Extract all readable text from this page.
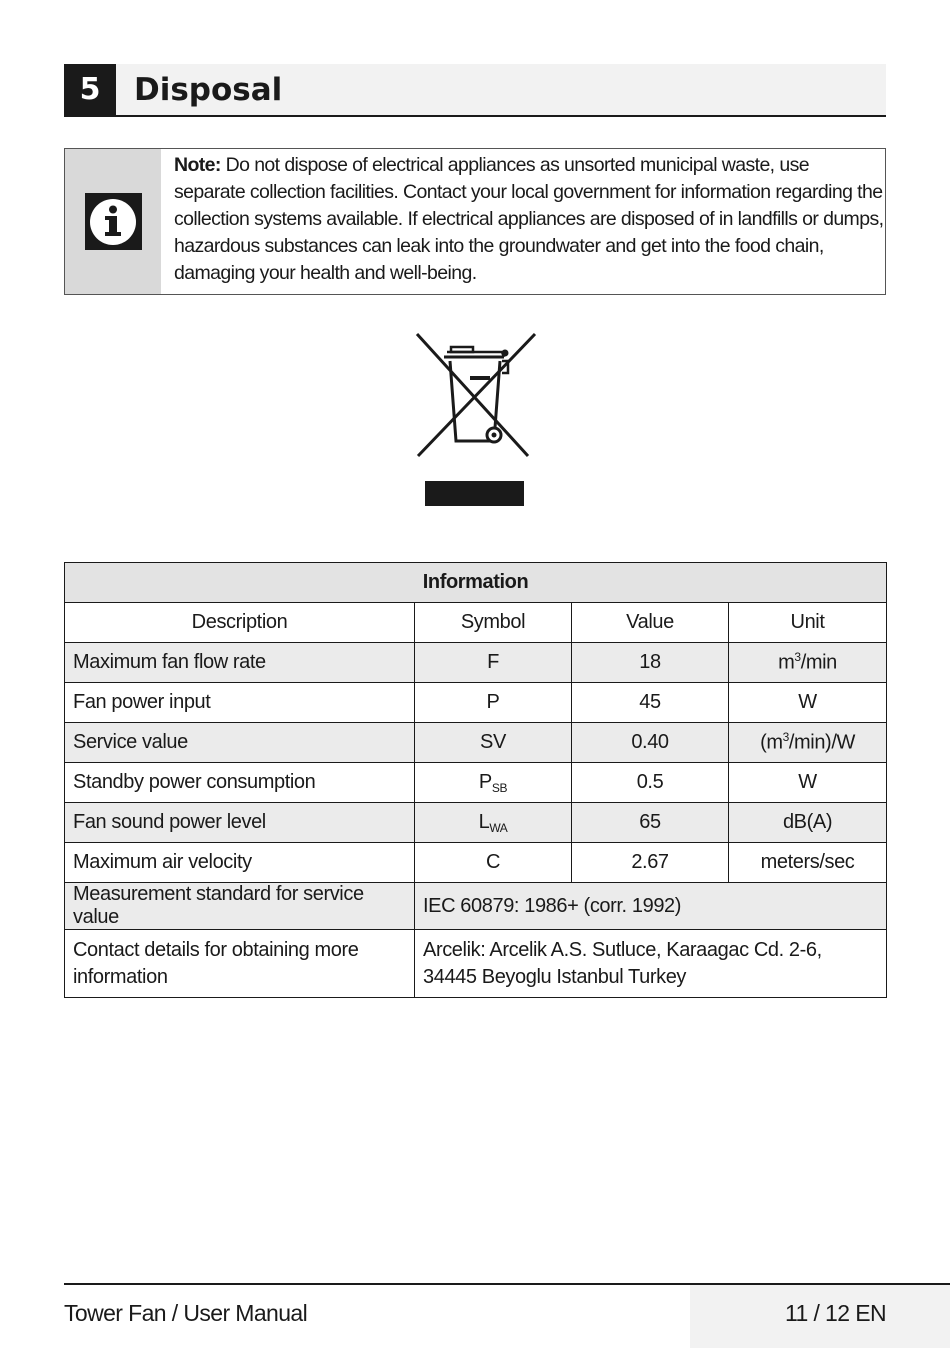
5	Disposal
Note: Do not dispose of electrical appliances as unsorted municipal waste, use separate collection facilities. Contact your local government for information regarding the collection systems available. If electrical appliances are disposed of in landfills or dumps, hazardous substances can leak into the groundwater and get into the food chain, damaging your health and well-being.
Information			
Description	Symbol	Value	Unit
Maximum fan flow rate	F	18	$m^3/\min$
Fan power input	P	45	W
Service value	SV	0.40	$(m^3/\min)/W$
Standby power consumption	$P_{SB}$	0.5	W
Fan sound power level	$L_{WA}$	65	dB(A)
Maximum air velocity	C	2.67	meters/sec
Measurement standard for service value	IEC 60879: 1986+ (corr. 1992)		
Contact details for obtaining more information	Arcelik: Arcelik A.S. Sutluce, Karaagac Cd. 2-6, 34445 Beyoglu Istanbul Turkey		
Tower Fan / User Manual	11 / 12 EN
